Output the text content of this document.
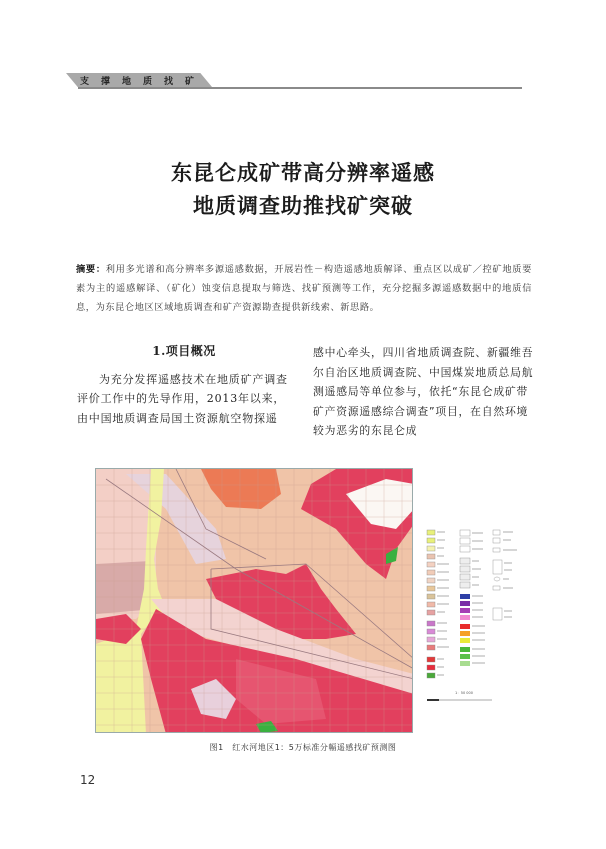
支撑地质找矿
东昆仑成矿带高分辨率遥感
地质调查助推找矿突破
摘要：利用多光谱和高分辨率多源遥感数据，开展岩性－构造遥感地质解译、重点区以成矿／控矿地质要素为主的遥感解译、（矿化）蚀变信息提取与筛选、找矿预测等工作，充分挖掘多源遥感数据中的地质信息，为东昆仑地区区域地质调查和矿产资源勘查提供新线索、新思路。
1.项目概况
为充分发挥遥感技术在地质矿产调查评价工作中的先导作用，2013年以来，由中国地质调查局国土资源航空物探遥
感中心牵头，四川省地质调查院、新疆维吾尔自治区地质调查院、中国煤炭地质总局航测遥感局等单位参与，依托“东昆仑成矿带矿产资源遥感综合调查”项目，在自然环境较为恶劣的东昆仑成
1：50 000
图1　红水河地区1：5万标准分幅遥感找矿预测图
12
